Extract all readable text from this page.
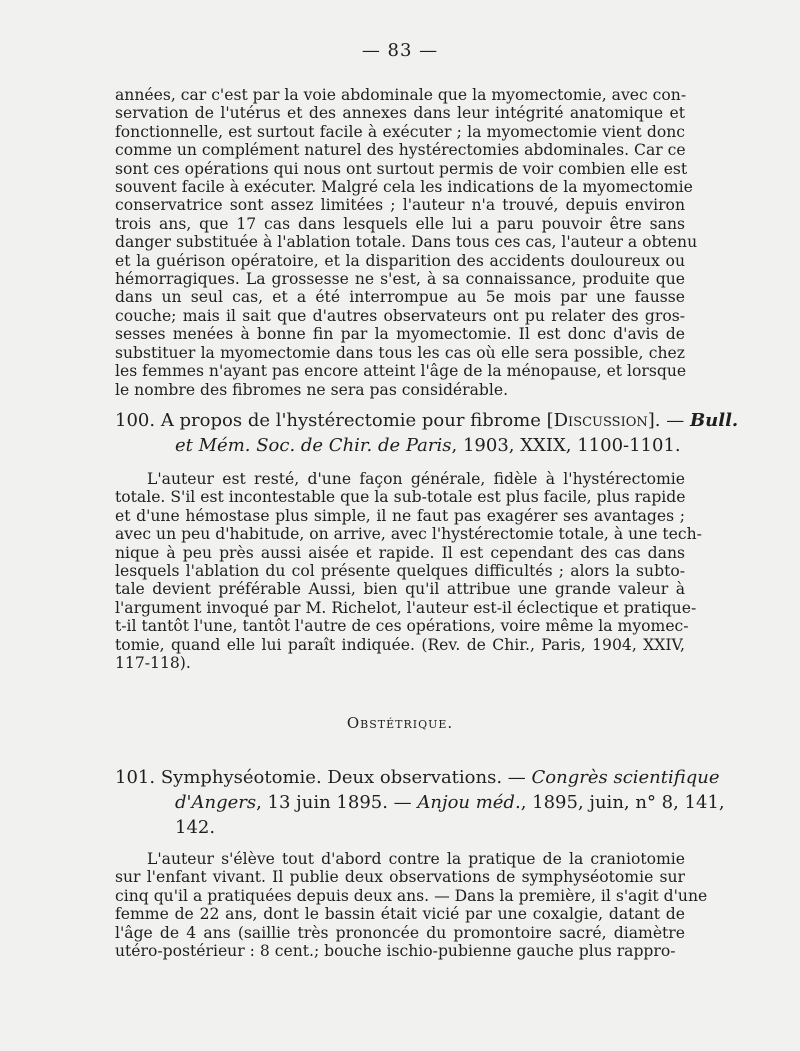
— 83 —
années, car c'est par la voie abdominale que la myomectomie, avec con-
servation de l'utérus et des annexes dans leur intégrité anatomique et
fonctionnelle, est surtout facile à exécuter ; la myomectomie vient donc
comme un complément naturel des hystérectomies abdominales. Car ce
sont ces opérations qui nous ont surtout permis de voir combien elle est
souvent facile à exécuter. Malgré cela les indications de la myomectomie
conservatrice sont assez limitées ; l'auteur n'a trouvé, depuis environ
trois ans, que 17 cas dans lesquels elle lui a paru pouvoir être sans
danger substituée à l'ablation totale. Dans tous ces cas, l'auteur a obtenu
et la guérison opératoire, et la disparition des accidents douloureux ou
hémorragiques. La grossesse ne s'est, à sa connaissance, produite que
dans un seul cas, et a été interrompue au 5e mois par une fausse
couche; mais il sait que d'autres observateurs ont pu relater des gros-
sesses menées à bonne fin par la myomectomie. Il est donc d'avis de
substituer la myomectomie dans tous les cas où elle sera possible, chez
les femmes n'ayant pas encore atteint l'âge de la ménopause, et lorsque
le nombre des fibromes ne sera pas considérable.
100. A propos de l'hystérectomie pour fibrome [Discussion]. — Bull.
et Mém. Soc. de Chir. de Paris, 1903, XXIX, 1100-1101.
L'auteur est resté, d'une façon générale, fidèle à l'hystérectomie
totale. S'il est incontestable que la sub-totale est plus facile, plus rapide
et d'une hémostase plus simple, il ne faut pas exagérer ses avantages ;
avec un peu d'habitude, on arrive, avec l'hystérectomie totale, à une tech-
nique à peu près aussi aisée et rapide. Il est cependant des cas dans
lesquels l'ablation du col présente quelques difficultés ; alors la subto-
tale devient préférable Aussi, bien qu'il attribue une grande valeur à
l'argument invoqué par M. Richelot, l'auteur est-il éclectique et pratique-
t-il tantôt l'une, tantôt l'autre de ces opérations, voire même la myomec-
tomie, quand elle lui paraît indiquée. (Rev. de Chir., Paris, 1904, XXIV,
117-118).
Obstétrique.
101. Symphyséotomie. Deux observations. — Congrès scientifique
d'Angers, 13 juin 1895. — Anjou méd., 1895, juin, n° 8, 141,
142.
L'auteur s'élève tout d'abord contre la pratique de la craniotomie
sur l'enfant vivant. Il publie deux observations de symphyséotomie sur
cinq qu'il a pratiquées depuis deux ans. — Dans la première, il s'agit d'une
femme de 22 ans, dont le bassin était vicié par une coxalgie, datant de
l'âge de 4 ans (saillie très prononcée du promontoire sacré, diamètre
utéro-postérieur : 8 cent.; bouche ischio-pubienne gauche plus rappro-
